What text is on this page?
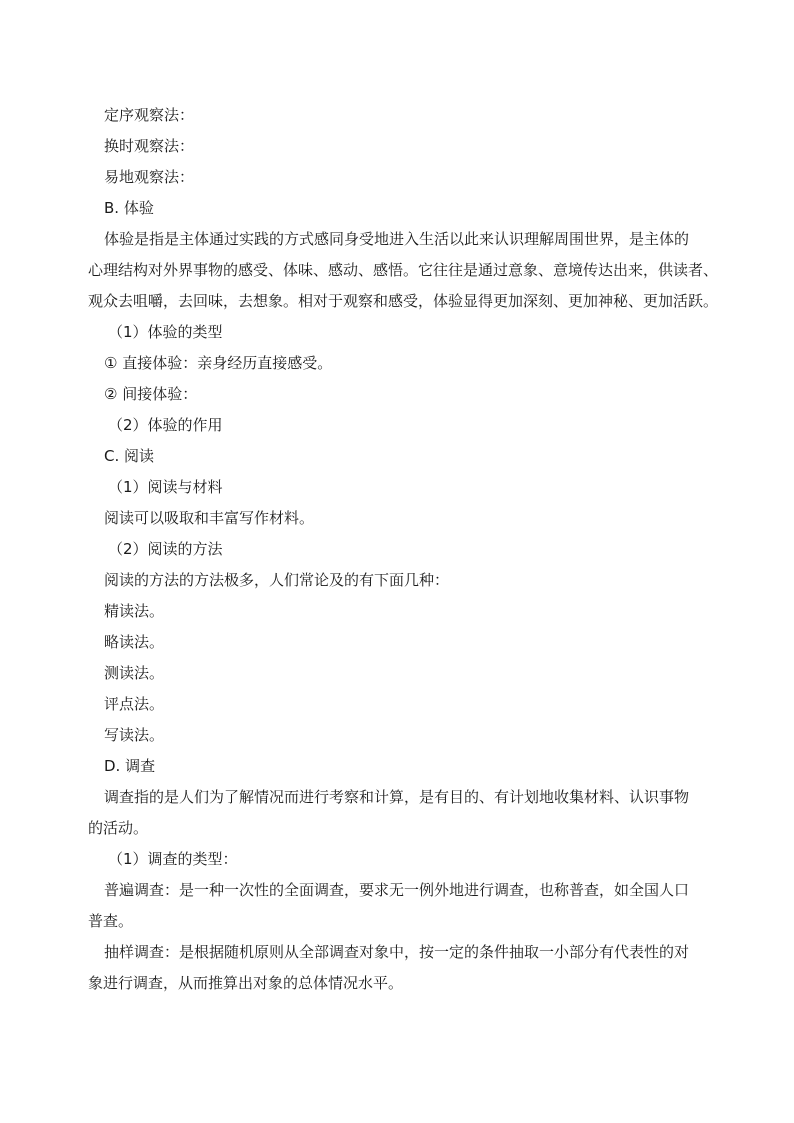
定序观察法：
换时观察法：
易地观察法：
B. 体验
体验是指是主体通过实践的方式感同身受地进入生活以此来认识理解周围世界，是主体的
心理结构对外界事物的感受、体味、感动、感悟。它往往是通过意象、意境传达出来，供读者、
观众去咀嚼，去回味，去想象。相对于观察和感受，体验显得更加深刻、更加神秘、更加活跃。
（1）体验的类型
① 直接体验：亲身经历直接感受。
② 间接体验：
（2）体验的作用
C. 阅读
（1）阅读与材料
阅读可以吸取和丰富写作材料。
（2）阅读的方法
阅读的方法的方法极多，人们常论及的有下面几种：
精读法。
略读法。
测读法。
评点法。
写读法。
D. 调查
调查指的是人们为了解情况而进行考察和计算，是有目的、有计划地收集材料、认识事物
的活动。
（1）调查的类型：
普遍调查：是一种一次性的全面调查，要求无一例外地进行调查，也称普查，如全国人口
普查。
抽样调查：是根据随机原则从全部调查对象中，按一定的条件抽取一小部分有代表性的对
象进行调查，从而推算出对象的总体情况水平。
